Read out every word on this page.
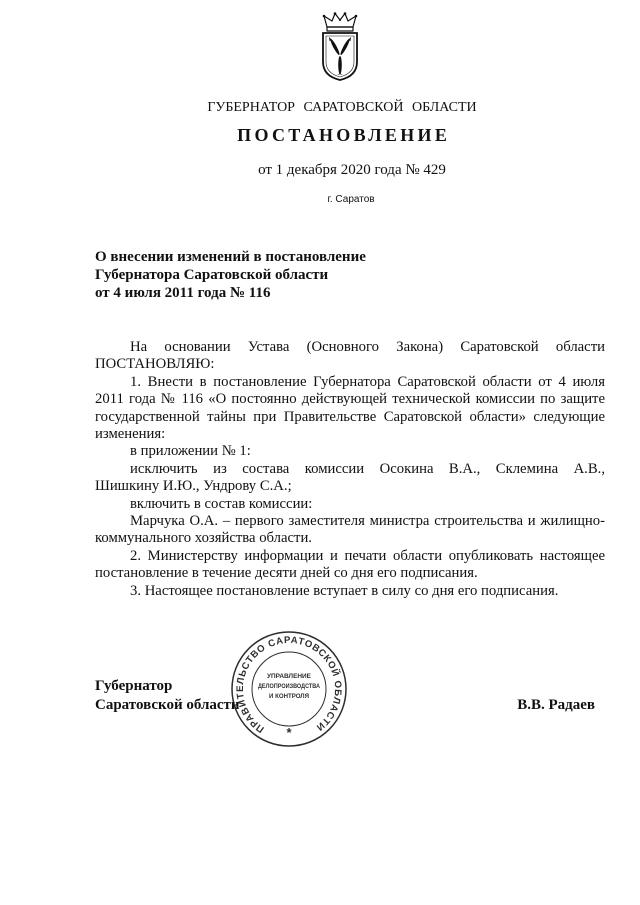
ГУБЕРНАТОР САРАТОВСКОЙ ОБЛАСТИ
ПОСТАНОВЛЕНИЕ
от 1 декабря 2020 года № 429
г. Саратов
О внесении изменений в постановление
Губернатора Саратовской области
от 4 июля 2011 года № 116
На основании Устава (Основного Закона) Саратовской области
ПОСТАНОВЛЯЮ:
1. Внести в постановление Губернатора Саратовской области от 4 июля
2011 года № 116 «О постоянно действующей технической комиссии по защите
государственной тайны при Правительстве Саратовской области» следующие
изменения:
в приложении № 1:
исключить из состава комиссии Осокина В.А., Склемина А.В.,
Шишкину И.Ю., Ундрову С.А.;
включить в состав комиссии:
Марчука О.А. – первого заместителя министра строительства и жилищно-
коммунального хозяйства области.
2. Министерству информации и печати области опубликовать настоящее
постановление в течение десяти дней со дня его подписания.
3. Настоящее постановление вступает в силу со дня его подписания.
Губернатор
Саратовской области	В.В. Радаев
ПРАВИТЕЛЬСТВО САРАТОВСКОЙ ОБЛАСТИ
УПРАВЛЕНИЕ
ДЕЛОПРОИЗВОДСТВА
И КОНТРОЛЯ
*
